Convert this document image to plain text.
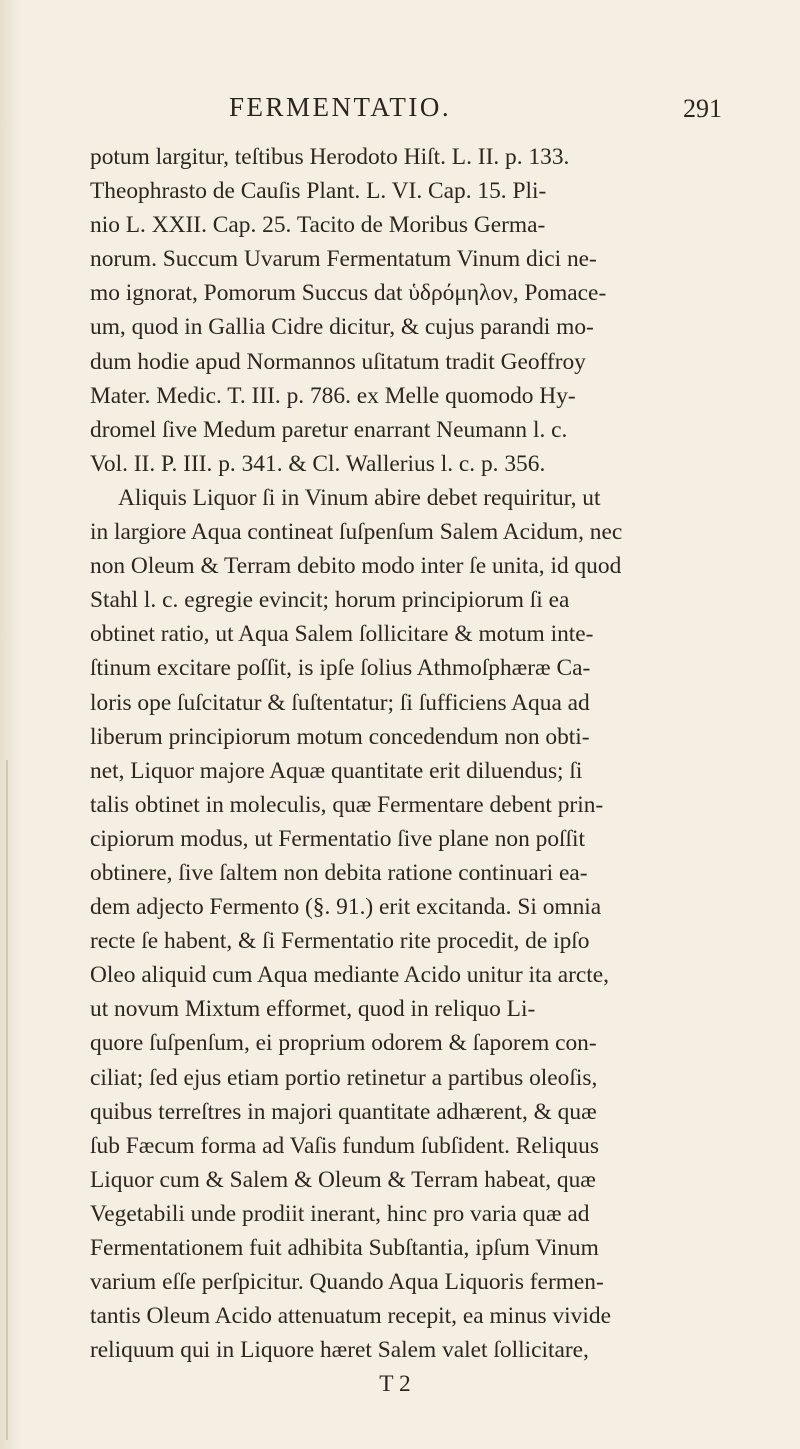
FERMENTATIO.	291
potum largitur, teſtibus Herodoto Hiſt. L. II. p. 133.
Theophrasto de Cauſis Plant. L. VI. Cap. 15. Pli-
nio L. XXII. Cap. 25. Tacito de Moribus Germa-
norum. Succum Uvarum Fermentatum Vinum dici ne-
mo ignorat, Pomorum Succus dat ὑδρόμηλον, Pomace-
um, quod in Gallia Cidre dicitur, & cujus parandi mo-
dum hodie apud Normannos uſitatum tradit Geoffroy
Mater. Medic. T. III. p. 786. ex Melle quomodo Hy-
dromel ſive Medum paretur enarrant Neumann l. c.
Vol. II. P. III. p. 341. & Cl. Wallerius l. c. p. 356.
Aliquis Liquor ſi in Vinum abire debet requiritur, ut
in largiore Aqua contineat ſuſpenſum Salem Acidum, nec
non Oleum & Terram debito modo inter ſe unita, id quod
Stahl l. c. egregie evincit; horum principiorum ſi ea
obtinet ratio, ut Aqua Salem ſollicitare & motum inte-
ſtinum excitare poſſit, is ipſe ſolius Athmoſphæræ Ca-
loris ope ſuſcitatur & ſuſtentatur; ſi ſufficiens Aqua ad
liberum principiorum motum concedendum non obti-
net, Liquor majore Aquæ quantitate erit diluendus; ſi
talis obtinet in moleculis, quæ Fermentare debent prin-
cipiorum modus, ut Fermentatio ſive plane non poſſit
obtinere, ſive ſaltem non debita ratione continuari ea-
dem adjecto Fermento (§. 91.) erit excitanda. Si omnia
recte ſe habent, & ſi Fermentatio rite procedit, de ipſo
Oleo aliquid cum Aqua mediante Acido unitur ita arcte,
ut novum Mixtum efformet, quod in reliquo Li-
quore ſuſpenſum, ei proprium odorem & ſaporem con-
ciliat; ſed ejus etiam portio retinetur a partibus oleoſis,
quibus terreſtres in majori quantitate adhærent, & quæ
ſub Fæcum forma ad Vaſis fundum ſubſident. Reliquus
Liquor cum & Salem & Oleum & Terram habeat, quæ
Vegetabili unde prodiit inerant, hinc pro varia quæ ad
Fermentationem fuit adhibita Subſtantia, ipſum Vinum
varium eſſe perſpicitur. Quando Aqua Liquoris fermen-
tantis Oleum Acido attenuatum recepit, ea minus vivide
reliquum qui in Liquore hæret Salem valet ſollicitare,
T 2
